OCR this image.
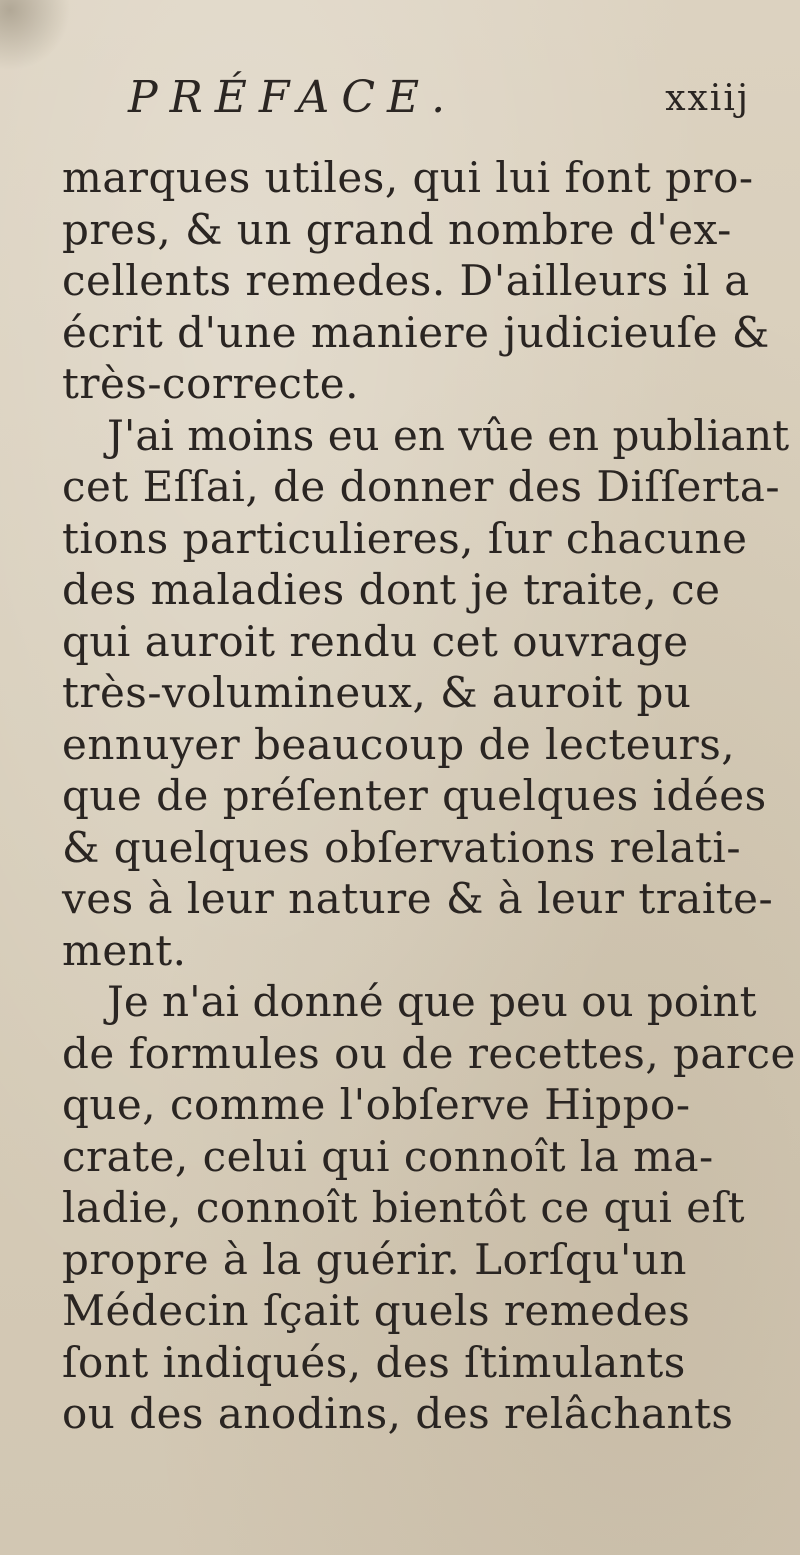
PRÉFACE.	xxiij
marques utiles, qui lui font pro-
pres, & un grand nombre d'ex-
cellents remedes. D'ailleurs il a
écrit d'une maniere judicieuſe &
très-correcte.
J'ai moins eu en vûe en publiant
cet Eſſai, de donner des Diſſerta-
tions particulieres, ſur chacune
des maladies dont je traite, ce
qui auroit rendu cet ouvrage
très-volumineux, & auroit pu
ennuyer beaucoup de lecteurs,
que de préſenter quelques idées
& quelques obſervations relati-
ves à leur nature & à leur traite-
ment.
Je n'ai donné que peu ou point
de formules ou de recettes, parce
que, comme l'obſerve Hippo-
crate, celui qui connoît la ma-
ladie, connoît bientôt ce qui eſt
propre à la guérir. Lorſqu'un
Médecin ſçait quels remedes
ſont indiqués, des ſtimulants
ou des anodins, des relâchants
